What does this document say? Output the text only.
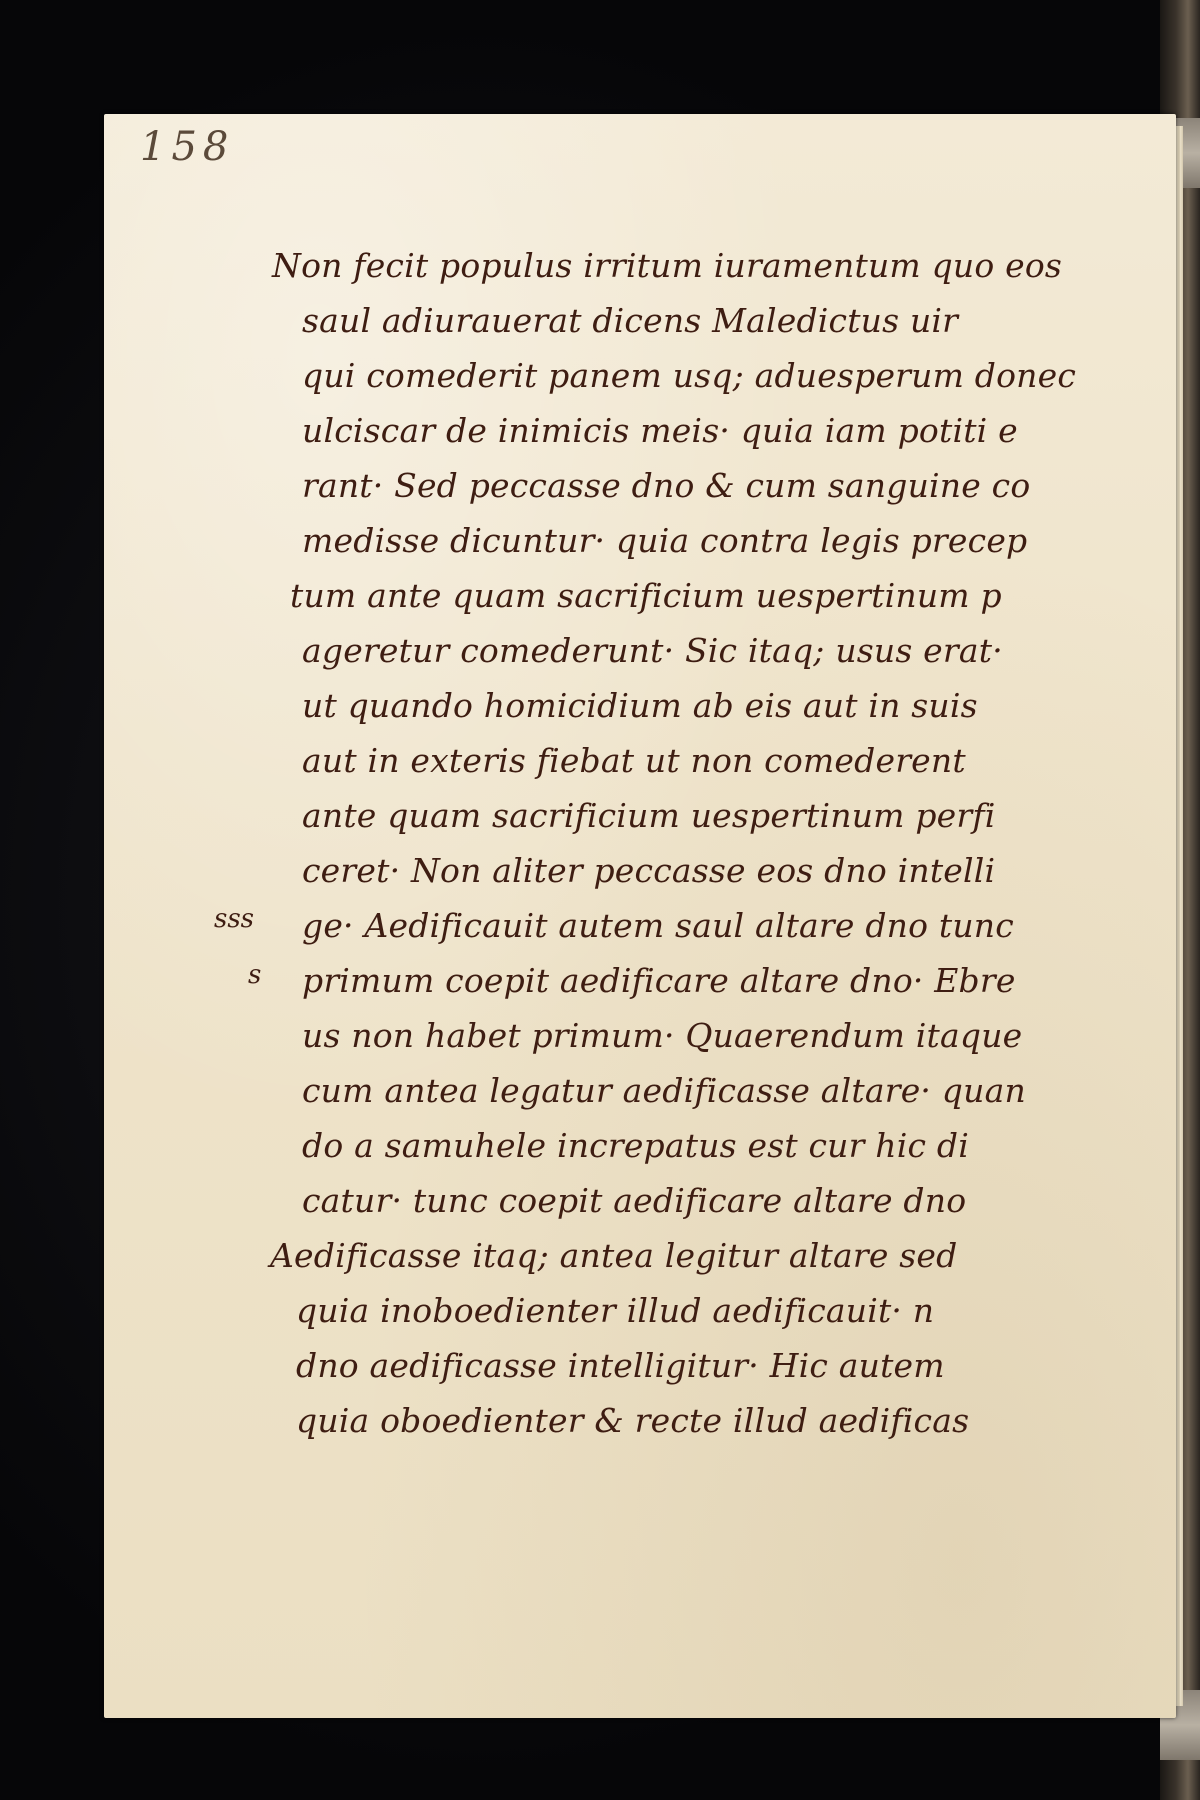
158
sss
s
Non fecit populus irritum iuramentum quo eos
saul adiurauerat dicens Maledictus uir
qui comederit panem usq; aduesperum donec
ulciscar de inimicis meis· quia iam potiti e
rant· Sed peccasse dno & cum sanguine co
medisse dicuntur· quia contra legis precep
tum ante quam sacrificium uespertinum p
ageretur comederunt· Sic itaq; usus erat·
ut quando homicidium ab eis aut in suis
aut in exteris fiebat ut non comederent
ante quam sacrificium uespertinum perfi
ceret· Non aliter peccasse eos dno intelli
ge· Aedificauit autem saul altare dno tunc
primum coepit aedificare altare dno· Ebre
us non habet primum· Quaerendum itaque
cum antea legatur aedificasse altare· quan
do a samuhele increpatus est cur hic di
catur· tunc coepit aedificare altare dno
Aedificasse itaq; antea legitur altare sed
quia inoboedienter illud aedificauit· n
dno aedificasse intelligitur· Hic autem
quia oboedienter & recte illud aedificas
